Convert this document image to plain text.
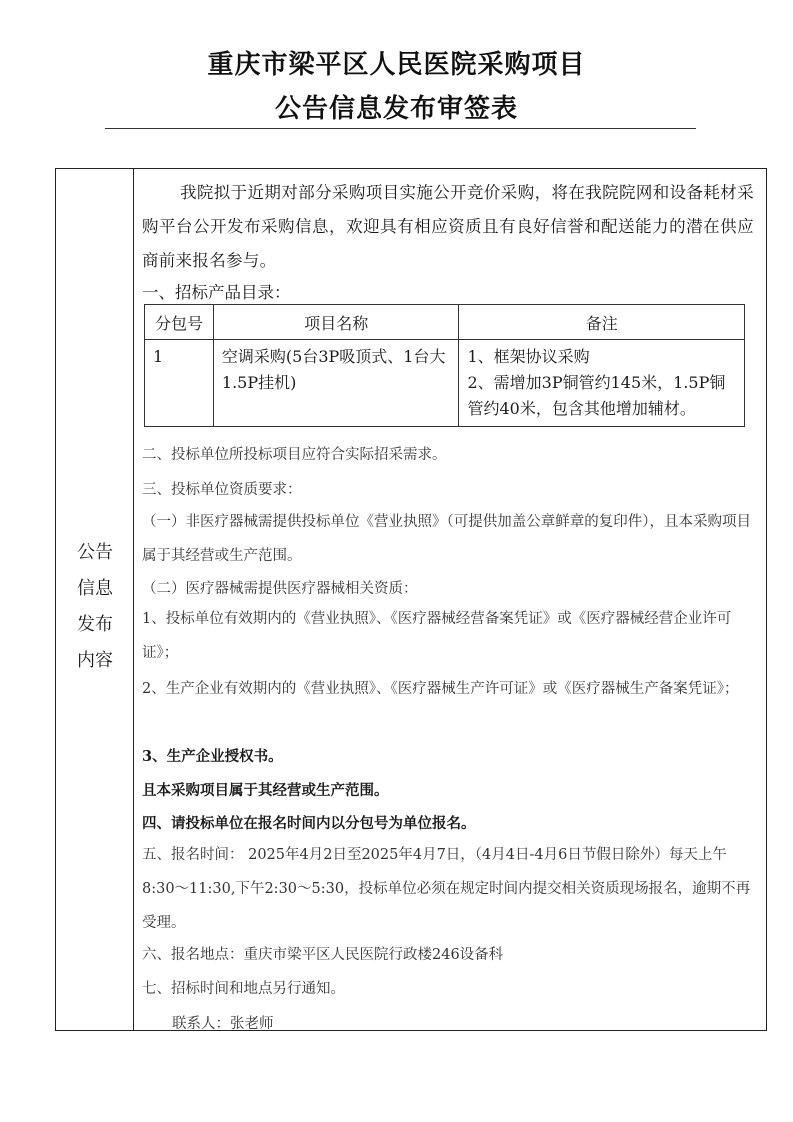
重庆市梁平区人民医院采购项目
公告信息发布审签表
公告
信息
发布
内容
我院拟于近期对部分采购项目实施公开竞价采购，将在我院院网和设备耗材采购平台公开发布采购信息，欢迎具有相应资质且有良好信誉和配送能力的潜在供应商前来报名参与。
一、招标产品目录：
分包号	项目名称	备注
1	空调采购(5台3P吸顶式、1台大1.5P挂机)	1、框架协议采购
2、需增加3P铜管约145米，1.5P铜管约40米，包含其他增加辅材。
二、投标单位所投标项目应符合实际招采需求。
三、投标单位资质要求：
（一）非医疗器械需提供投标单位《营业执照》（可提供加盖公章鲜章的复印件），且本采购项目属于其经营或生产范围。
（二）医疗器械需提供医疗器械相关资质：
1、投标单位有效期内的《营业执照》、《医疗器械经营备案凭证》或《医疗器械经营企业许可证》；
2、生产企业有效期内的《营业执照》、《医疗器械生产许可证》或《医疗器械生产备案凭证》；
3、生产企业授权书。
且本采购项目属于其经营或生产范围。
四、请投标单位在报名时间内以分包号为单位报名。
五、报名时间： 2025年4月2日至2025年4月7日，（4月4日-4月6日节假日除外）每天上午8:30～11:30,下午2:30～5:30，投标单位必须在规定时间内提交相关资质现场报名，逾期不再受理。
六、报名地点：重庆市梁平区人民医院行政楼246设备科
七、招标时间和地点另行通知。
联系人：张老师
